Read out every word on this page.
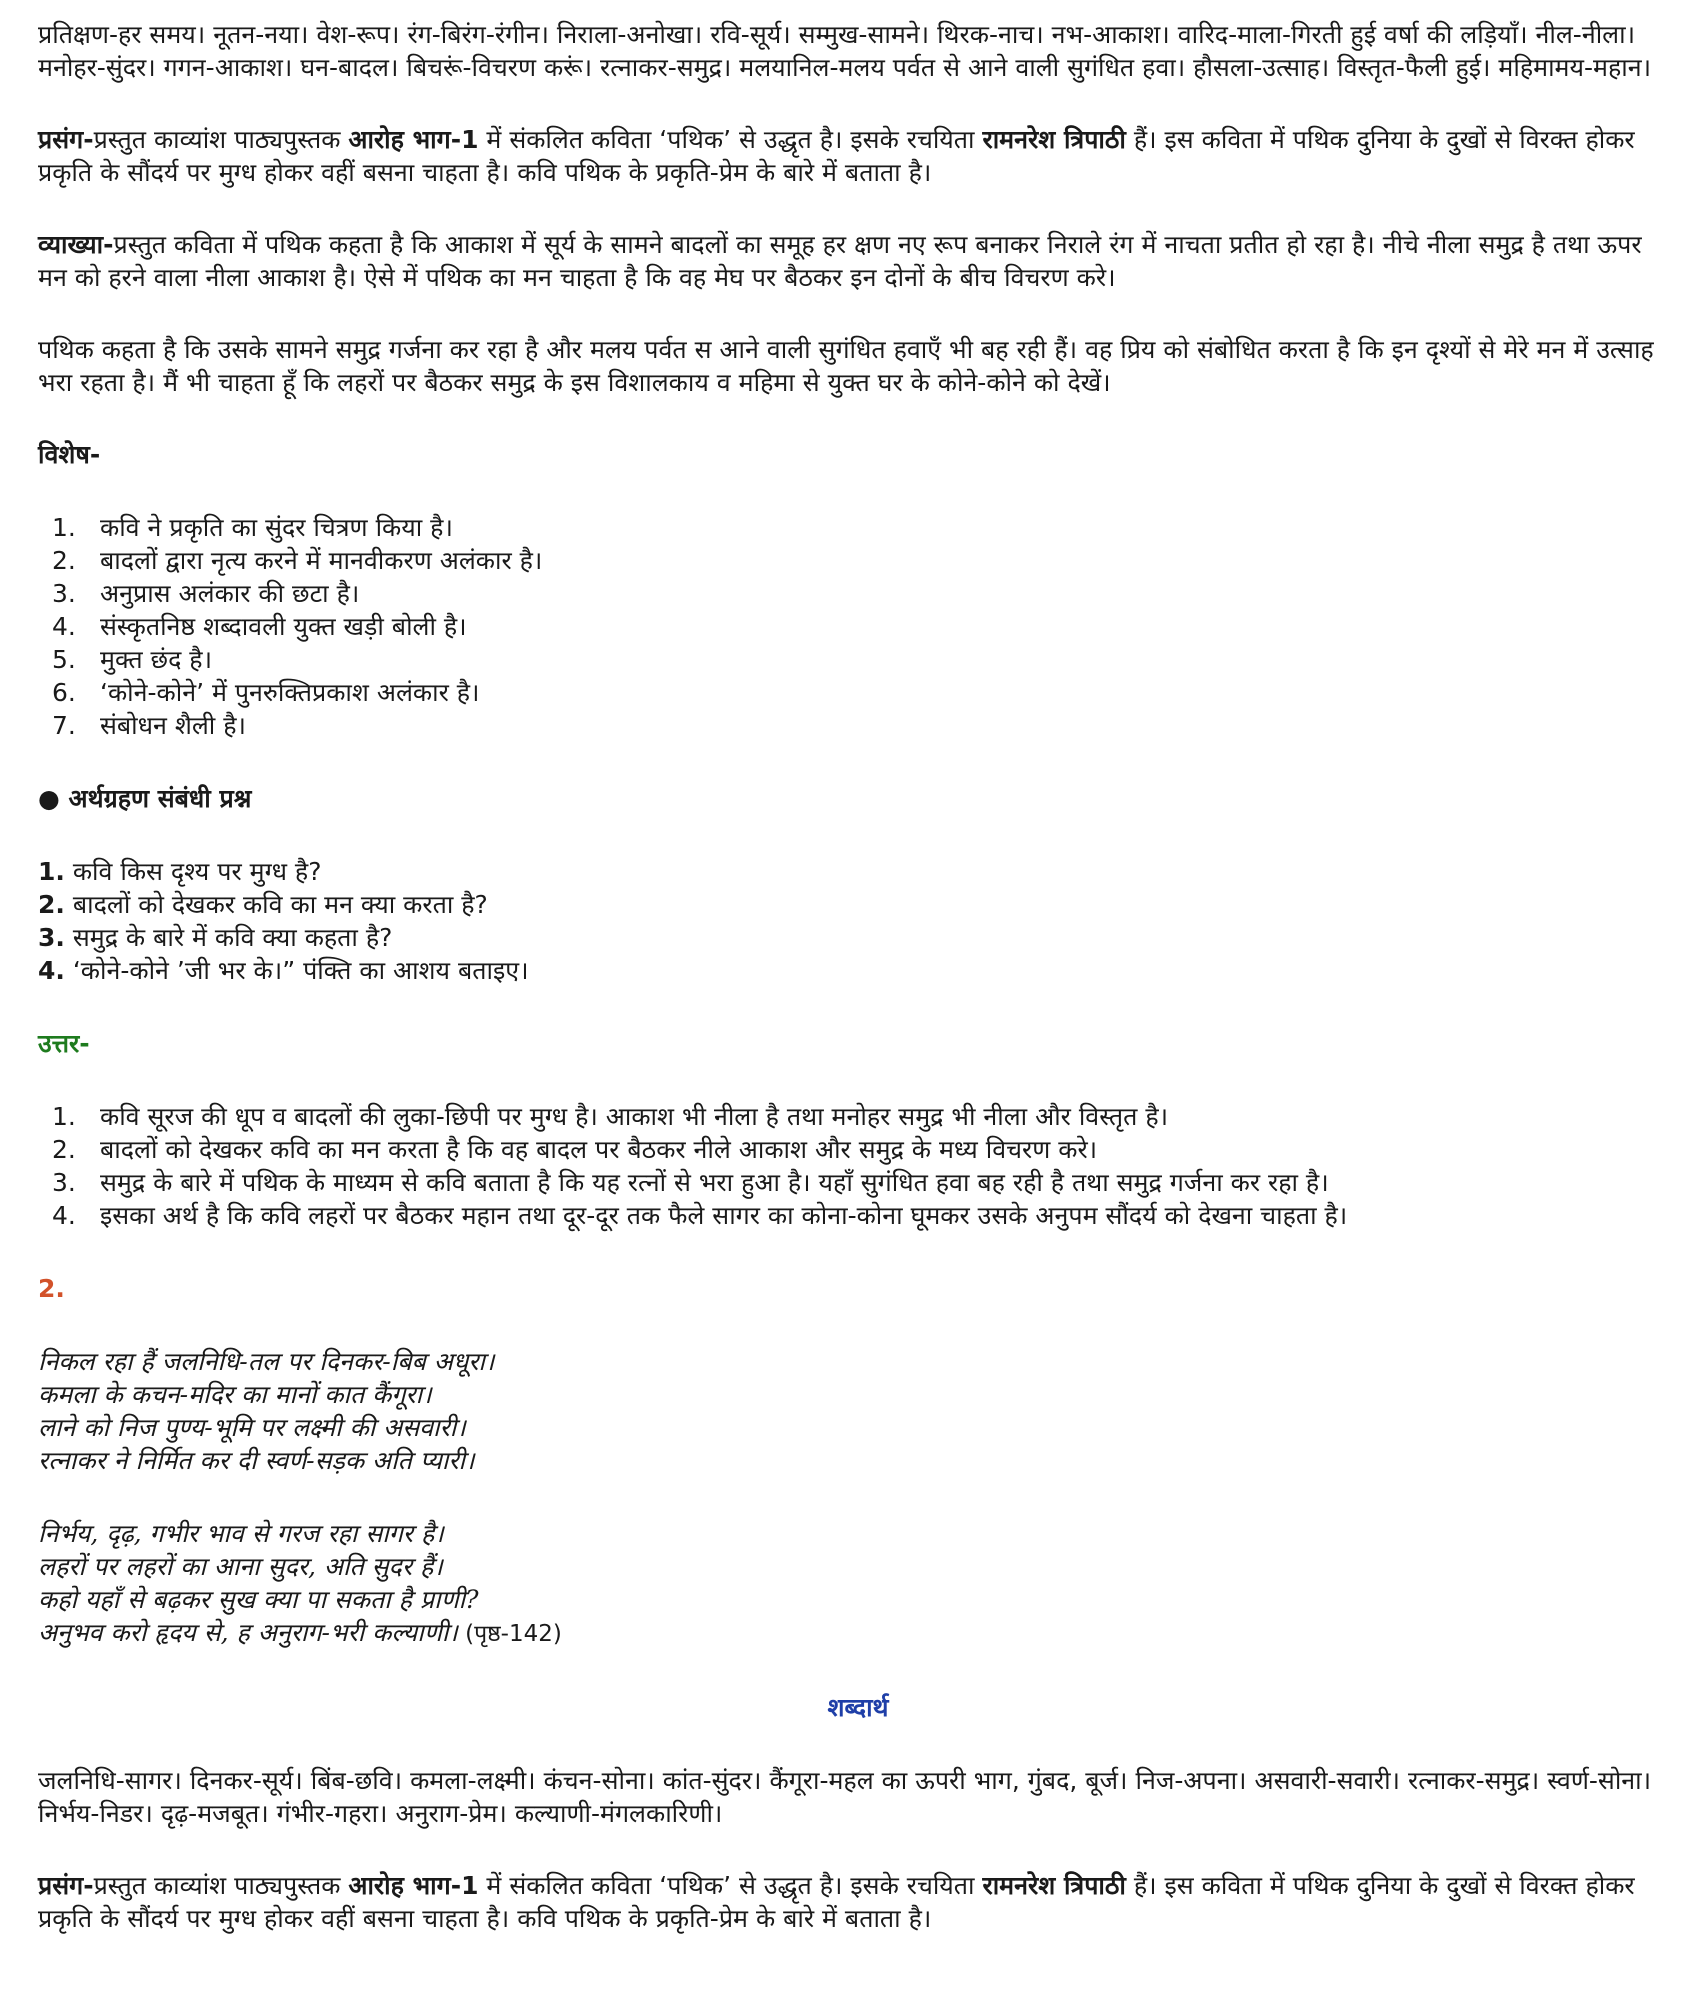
प्रतिक्षण-हर समय। नूतन-नया। वेश-रूप। रंग-बिरंग-रंगीन। निराला-अनोखा। रवि-सूर्य। सम्मुख-सामने। थिरक-नाच। नभ-आकाश। वारिद-माला-गिरती हुई वर्षा की लड़ियाँ। नील-नीला। मनोहर-सुंदर। गगन-आकाश। घन-बादल। बिचरूं-विचरण करूं। रत्नाकर-समुद्र। मलयानिल-मलय पर्वत से आने वाली सुगंधित हवा। हौसला-उत्साह। विस्तृत-फैली हुई। महिमामय-महान।

प्रसंग-प्रस्तुत काव्यांश पाठ्यपुस्तक आरोह भाग-1 में संकलित कविता ‘पथिक’ से उद्धृत है। इसके रचयिता रामनरेश त्रिपाठी हैं। इस कविता में पथिक दुनिया के दुखों से विरक्त होकर प्रकृति के सौंदर्य पर मुग्ध होकर वहीं बसना चाहता है। कवि पथिक के प्रकृति-प्रेम के बारे में बताता है।

व्याख्या-प्रस्तुत कविता में पथिक कहता है कि आकाश में सूर्य के सामने बादलों का समूह हर क्षण नए रूप बनाकर निराले रंग में नाचता प्रतीत हो रहा है। नीचे नीला समुद्र है तथा ऊपर मन को हरने वाला नीला आकाश है। ऐसे में पथिक का मन चाहता है कि वह मेघ पर बैठकर इन दोनों के बीच विचरण करे।

पथिक कहता है कि उसके सामने समुद्र गर्जना कर रहा है और मलय पर्वत स आने वाली सुगंधित हवाएँ भी बह रही हैं। वह प्रिय को संबोधित करता है कि इन दृश्यों से मेरे मन में उत्साह भरा रहता है। मैं भी चाहता हूँ कि लहरों पर बैठकर समुद्र के इस विशालकाय व महिमा से युक्त घर के कोने-कोने को देखें।

विशेष-

1. कवि ने प्रकृति का सुंदर चित्रण किया है।
2. बादलों द्वारा नृत्य करने में मानवीकरण अलंकार है।
3. अनुप्रास अलंकार की छटा है।
4. संस्कृतनिष्ठ शब्दावली युक्त खड़ी बोली है।
5. मुक्त छंद है।
6. ‘कोने-कोने’ में पुनरुक्तिप्रकाश अलंकार है।
7. संबोधन शैली है।

● अर्थग्रहण संबंधी प्रश्न

1. कवि किस दृश्य पर मुग्ध है?

2. बादलों को देखकर कवि का मन क्या करता है?

3. समुद्र के बारे में कवि क्या कहता है?

4. ‘कोने-कोने ’जी भर के।” पंक्ति का आशय बताइए।

उत्तर-

1. कवि सूरज की धूप व बादलों की लुका-छिपी पर मुग्ध है। आकाश भी नीला है तथा मनोहर समुद्र भी नीला और विस्तृत है।
2. बादलों को देखकर कवि का मन करता है कि वह बादल पर बैठकर नीले आकाश और समुद्र के मध्य विचरण करे।
3. समुद्र के बारे में पथिक के माध्यम से कवि बताता है कि यह रत्नों से भरा हुआ है। यहाँ सुगंधित हवा बह रही है तथा समुद्र गर्जना कर रहा है।
4. इसका अर्थ है कि कवि लहरों पर बैठकर महान तथा दूर-दूर तक फैले सागर का कोना-कोना घूमकर उसके अनुपम सौंदर्य को देखना चाहता है।

2.

निकल रहा हैं जलनिधि-तल पर दिनकर-बिब अधूरा।

कमला के कचन-मदिर का मानों कात कैंगूरा।

लाने को निज पुण्य-भूमि पर लक्ष्मी की असवारी।

रत्नाकर ने निर्मित कर दी स्वर्ण-सड़क अति प्यारी।

निर्भय, दृढ़, गभीर भाव से गरज रहा सागर है।

लहरों पर लहरों का आना सुदर, अति सुदर हैं।

कहो यहाँ से बढ़कर सुख क्या पा सकता है प्राणी?

अनुभव करो हृदय से, ह अनुराग-भरी कल्याणी। (पृष्ठ-142)

शब्दार्थ

जलनिधि-सागर। दिनकर-सूर्य। बिंब-छवि। कमला-लक्ष्मी। कंचन-सोना। कांत-सुंदर। कैंगूरा-महल का ऊपरी भाग, गुंबद, बूर्ज। निज-अपना। असवारी-सवारी। रत्नाकर-समुद्र। स्वर्ण-सोना। निर्भय-निडर। दृढ़-मजबूत। गंभीर-गहरा। अनुराग-प्रेम। कल्याणी-मंगलकारिणी।

प्रसंग-प्रस्तुत काव्यांश पाठ्यपुस्तक आरोह भाग-1 में संकलित कविता ‘पथिक’ से उद्धृत है। इसके रचयिता रामनरेश त्रिपाठी हैं। इस कविता में पथिक दुनिया के दुखों से विरक्त होकर प्रकृति के सौंदर्य पर मुग्ध होकर वहीं बसना चाहता है। कवि पथिक के प्रकृति-प्रेम के बारे में बताता है।
